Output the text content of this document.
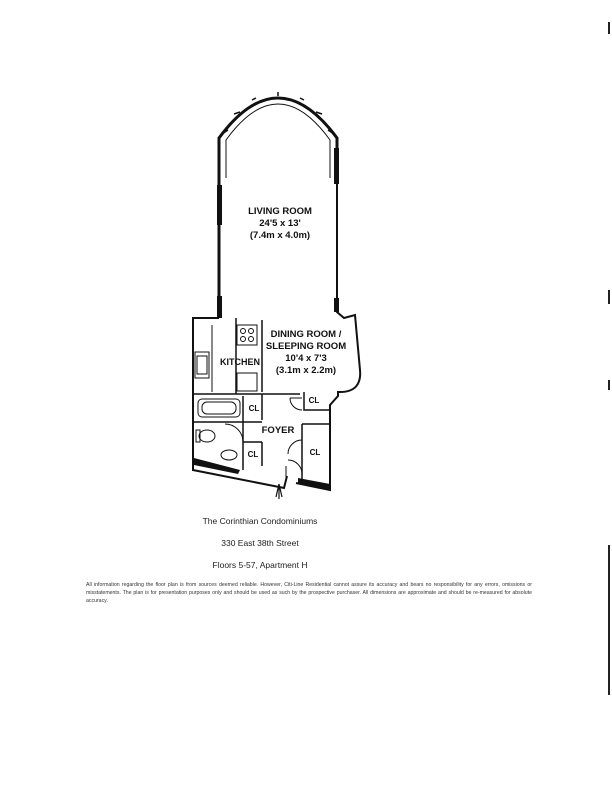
LIVING ROOM
24'5 x 13'
(7.4m x 4.0m)
DINING ROOM /
SLEEPING ROOM
10'4 x 7'3
(3.1m x 2.2m)
KITCHEN
FOYER
CL
CL
CL	CL
The Corinthian Condominiums
330 East 38th Street
Floors 5-57, Apartment H
All information regarding the floor plan is from sources deemed reliable. However, Citi-Line Residential cannot assure its accuracy and bears no responsibility for any errors, omissions or misstatements. The plan is for presentation purposes only and should be used as such by the prospective purchaser. All dimensions are approximate and should be re-measured for absolute accuracy.
